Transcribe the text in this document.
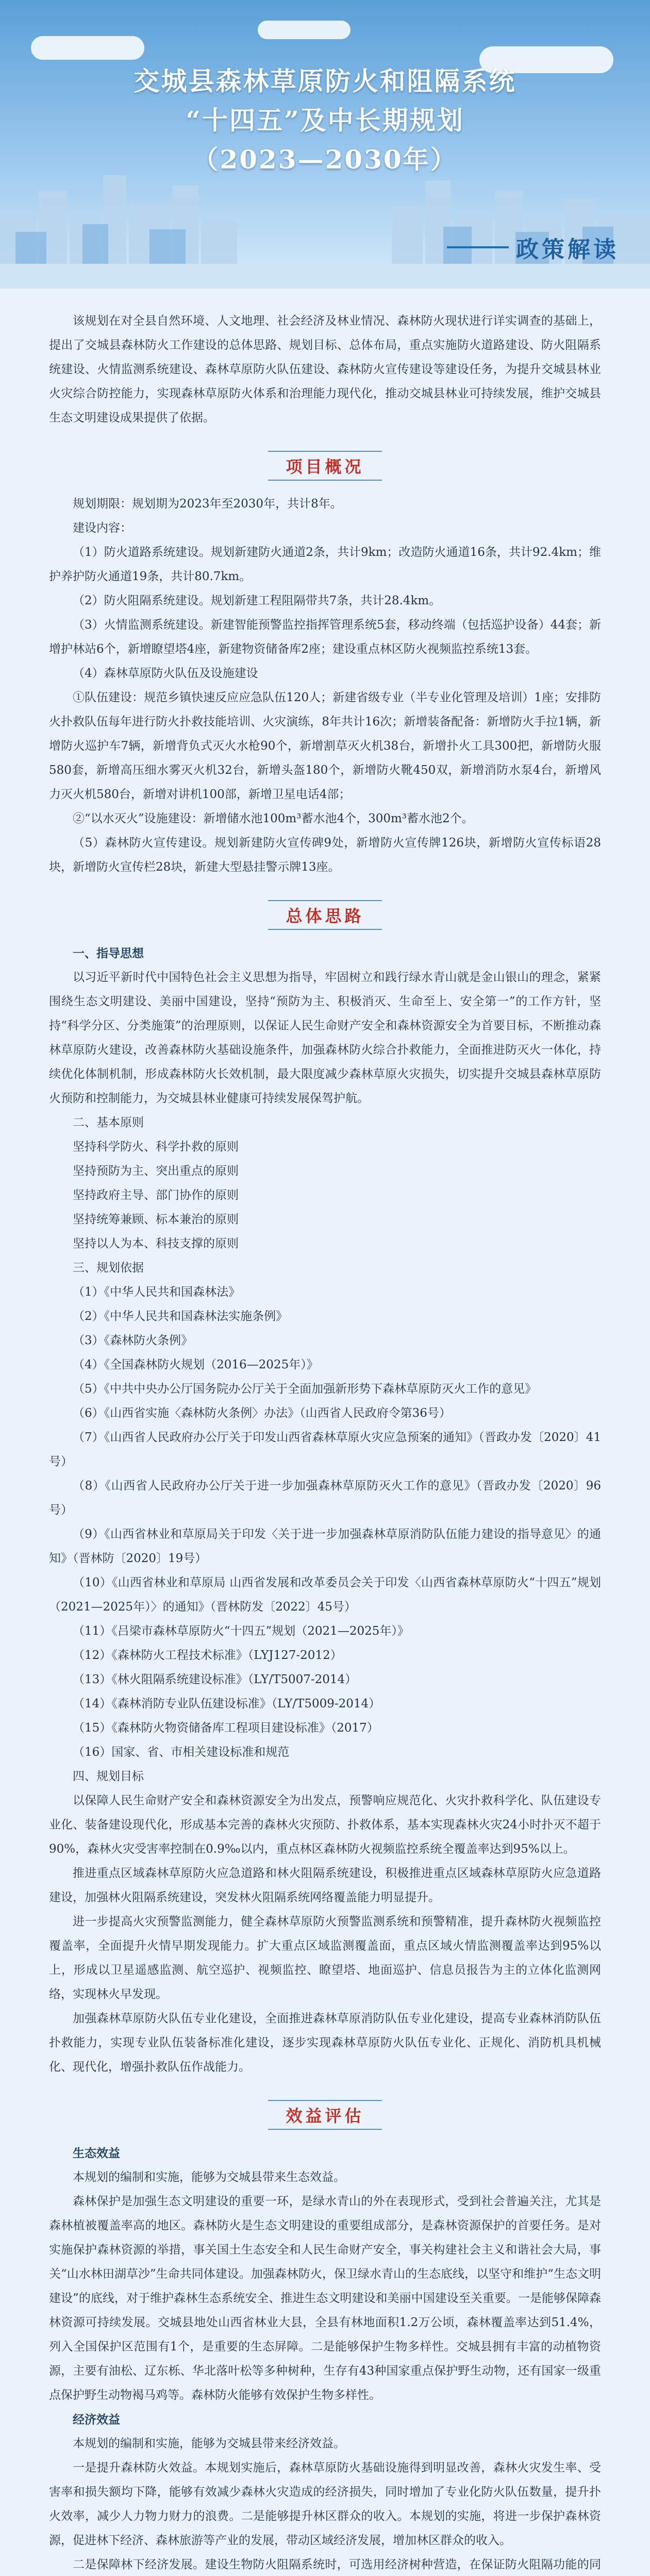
交城县森林草原防火和阻隔系统
“十四五”及中长期规划
（2023—2030年）
政策解读

该规划在对全县自然环境、人文地理、社会经济及林业情况、森林防火现状进行详实调查的基础上，提出了交城县森林防火工作建设的总体思路、规划目标、总体布局，重点实施防火道路建设、防火阻隔系统建设、火情监测系统建设、森林草原防火队伍建设、森林防火宣传建设等建设任务，为提升交城县林业火灾综合防控能力，实现森林草原防火体系和治理能力现代化，推动交城县林业可持续发展，维护交城县生态文明建设成果提供了依据。

项目概况

规划期限：规划期为2023年至2030年，共计8年。

建设内容：

（1）防火道路系统建设。规划新建防火通道2条，共计9km；改造防火通道16条，共计92.4km；维护养护防火通道19条，共计80.7km。

（2）防火阻隔系统建设。规划新建工程阻隔带共7条，共计28.4km。

（3）火情监测系统建设。新建智能预警监控指挥管理系统5套，移动终端（包括巡护设备）44套；新增护林站6个，新增瞭望塔4座，新建物资储备库2座；建设重点林区防火视频监控系统13套。

（4）森林草原防火队伍及设施建设

①队伍建设：规范乡镇快速反应应急队伍120人；新建省级专业（半专业化管理及培训）1座；安排防火扑救队伍每年进行防火扑救技能培训、火灾演练，8年共计16次；新增装备配备：新增防火手拉1辆，新增防火巡护车7辆，新增背负式灭火水枪90个，新增割草灭火机38台，新增扑火工具300把，新增防火服580套，新增高压细水雾灭火机32台，新增头盔180个，新增防火靴450双，新增消防水泵4台，新增风力灭火机580台，新增对讲机100部，新增卫星电话4部；

②“以水灭火”设施建设：新增储水池100m³蓄水池4个，300m³蓄水池2个。

（5）森林防火宣传建设。规划新建防火宣传碑9处，新增防火宣传牌126块，新增防火宣传标语28块，新增防火宣传栏28块，新建大型悬挂警示牌13座。

总体思路

一、指导思想

以习近平新时代中国特色社会主义思想为指导，牢固树立和践行绿水青山就是金山银山的理念，紧紧围绕生态文明建设、美丽中国建设，坚持“预防为主、积极消灭、生命至上、安全第一”的工作方针，坚持“科学分区、分类施策”的治理原则，以保证人民生命财产安全和森林资源安全为首要目标，不断推动森林草原防火建设，改善森林防火基础设施条件，加强森林防火综合扑救能力，全面推进防灭火一体化，持续优化体制机制，形成森林防火长效机制，最大限度减少森林草原火灾损失，切实提升交城县森林草原防火预防和控制能力，为交城县林业健康可持续发展保驾护航。

二、基本原则

坚持科学防火、科学扑救的原则

坚持预防为主、突出重点的原则

坚持政府主导、部门协作的原则

坚持统筹兼顾、标本兼治的原则

坚持以人为本、科技支撑的原则

三、规划依据

（1）《中华人民共和国森林法》

（2）《中华人民共和国森林法实施条例》

（3）《森林防火条例》

（4）《全国森林防火规划（2016—2025年）》

（5）《中共中央办公厅国务院办公厅关于全面加强新形势下森林草原防灭火工作的意见》

（6）《山西省实施〈森林防火条例〉办法》（山西省人民政府令第36号）

（7）《山西省人民政府办公厅关于印发山西省森林草原火灾应急预案的通知》（晋政办发〔2020〕41号）

（8）《山西省人民政府办公厅关于进一步加强森林草原防灭火工作的意见》（晋政办发〔2020〕96号）

（9）《山西省林业和草原局关于印发〈关于进一步加强森林草原消防队伍能力建设的指导意见〉的通知》（晋林防〔2020〕19号）

（10）《山西省林业和草原局 山西省发展和改革委员会关于印发〈山西省森林草原防火“十四五”规划（2021—2025年）〉的通知》（晋林防发〔2022〕45号）

（11）《吕梁市森林草原防火“十四五”规划（2021—2025年）》

（12）《森林防火工程技术标准》（LYJ127-2012）

（13）《林火阻隔系统建设标准》（LY/T5007-2014）

（14）《森林消防专业队伍建设标准》（LY/T5009-2014）

（15）《森林防火物资储备库工程项目建设标准》（2017）

（16）国家、省、市相关建设标准和规范

四、规划目标

以保障人民生命财产安全和森林资源安全为出发点，预警响应规范化、火灾扑救科学化、队伍建设专业化、装备建设现代化，形成基本完善的森林火灾预防、扑救体系，基本实现森林火灾24小时扑灭不超于90%，森林火灾受害率控制在0.9‰以内，重点林区森林防火视频监控系统全覆盖率达到95%以上。

推进重点区域森林草原防火应急道路和林火阻隔系统建设，积极推进重点区域森林草原防火应急道路建设，加强林火阻隔系统建设，突发林火阻隔系统网络覆盖能力明显提升。

进一步提高火灾预警监测能力，健全森林草原防火预警监测系统和预警精准，提升森林防火视频监控覆盖率，全面提升火情早期发现能力。扩大重点区域监测覆盖面，重点区域火情监测覆盖率达到95%以上，形成以卫星遥感监测、航空巡护、视频监控、瞭望塔、地面巡护、信息员报告为主的立体化监测网络，实现林火早发现。

加强森林草原防火队伍专业化建设，全面推进森林草原消防队伍专业化建设，提高专业森林消防队伍扑救能力，实现专业队伍装备标准化建设，逐步实现森林草原防火队伍专业化、正规化、消防机具机械化、现代化，增强扑救队伍作战能力。

效益评估

生态效益

本规划的编制和实施，能够为交城县带来生态效益。

森林保护是加强生态文明建设的重要一环，是绿水青山的外在表现形式，受到社会普遍关注，尤其是森林植被覆盖率高的地区。森林防火是生态文明建设的重要组成部分，是森林资源保护的首要任务。是对实施保护森林资源的举措，事关国土生态安全和人民生命财产安全，事关构建社会主义和谐社会大局，事关“山水林田湖草沙”生命共同体建设。加强森林防火，保卫绿水青山的生态底线，以坚守和维护“生态文明建设”的底线，对于维护森林生态系统安全、推进生态文明建设和美丽中国建设至关重要。一是能够保障森林资源可持续发展。交城县地处山西省林业大县，全县有林地面积1.2万公顷，森林覆盖率达到51.4%，列入全国保护区范围有1个，是重要的生态屏障。二是能够保护生物多样性。交城县拥有丰富的动植物资源，主要有油松、辽东栎、华北落叶松等多种树种，生存有43种国家重点保护野生动物，还有国家一级重点保护野生动物褐马鸡等。森林防火能够有效保护生物多样性。

经济效益

本规划的编制和实施，能够为交城县带来经济效益。

一是提升森林防火效益。本规划实施后，森林草原防火基础设施得到明显改善，森林火灾发生率、受害率和损失额均下降，能够有效减少森林火灾造成的经济损失，同时增加了专业化防火队伍数量，提升扑火效率，减少人力物力财力的浪费。二是能够提升林区群众的收入。本规划的实施，将进一步保护森林资源，促进林下经济、森林旅游等产业的发展，带动区域经济发展，增加林区群众的收入。

二是保障林下经济发展。建设生物防火阻隔系统时，可选用经济树种营造，在保证防火阻隔功能的同
